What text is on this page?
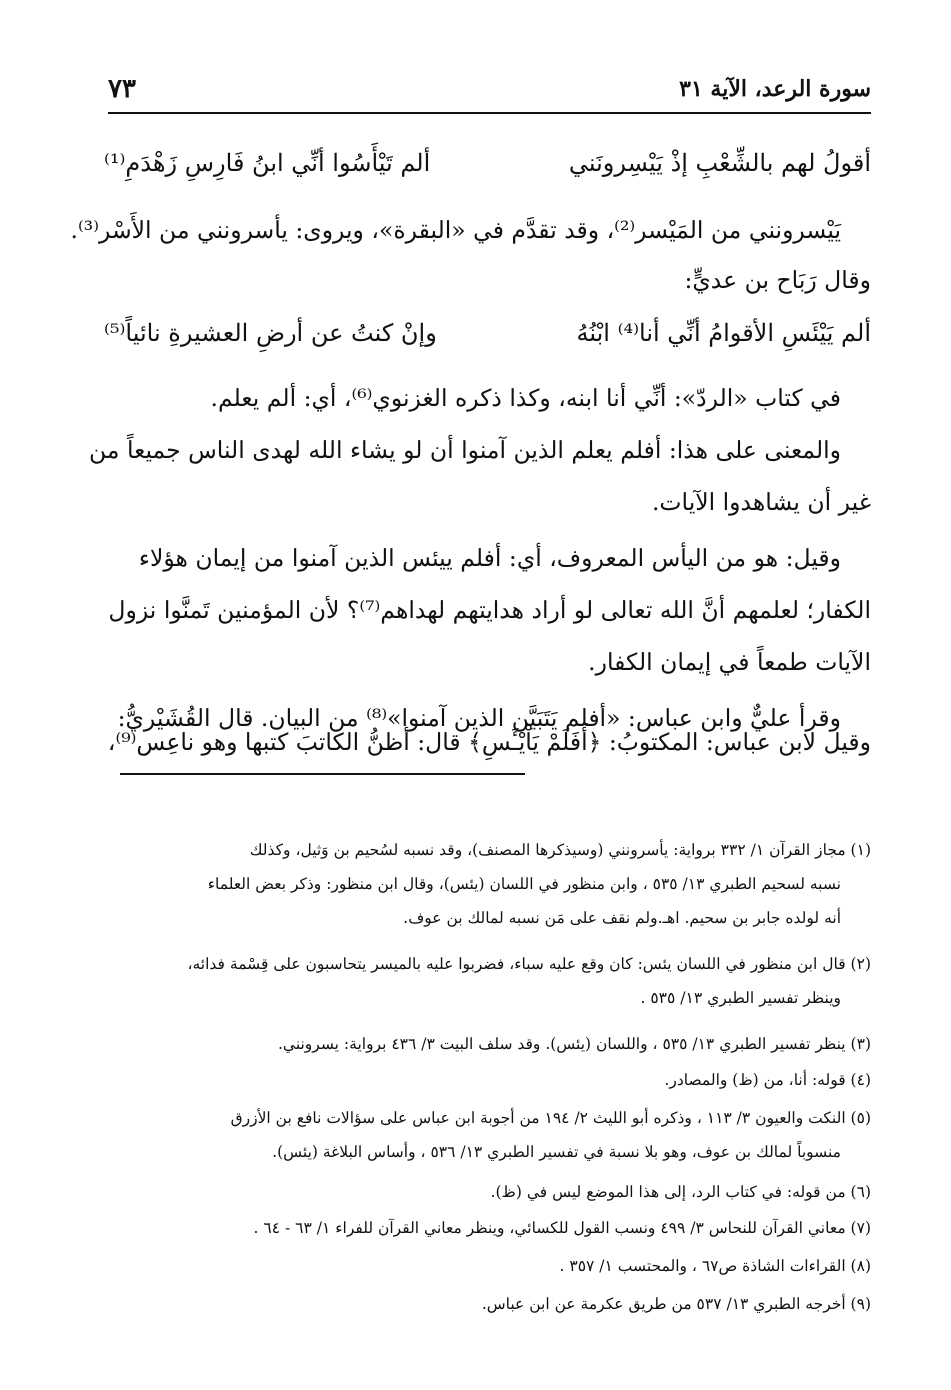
سورة الرعد، الآية ٣١
٧٣
أقولُ لهم بالشِّعْبِ إذْ يَيْسِرونَني
ألم تَيْأَسُوا أنِّي ابنُ فَارِسِ زَهْدَمِ⁽¹⁾
يَيْسرونني من المَيْسر⁽²⁾، وقد تقدَّم في «البقرة»، ويروى: يأسرونني من الأَسْر⁽³⁾.
وقال رَبَاح بن عديٍّ:
ألم يَيْئَسِ الأقوامُ أنِّي أنا⁽⁴⁾ ابْنُهُ
وإنْ كنتُ عن أرضِ العشيرةِ نائياً⁽⁵⁾
في كتاب «الردّ»: أنِّي أنا ابنه، وكذا ذكره الغزنوي⁽⁶⁾، أي: ألم يعلم.
والمعنى على هذا: أفلم يعلم الذين آمنوا أن لو يشاء الله لهدى الناس جميعاً من
غير أن يشاهدوا الآيات.
وقيل: هو من اليأس المعروف، أي: أفلم ييئس الذين آمنوا من إيمان هؤلاء
الكفار؛ لعلمهم أنَّ الله تعالى لو أراد هدايتهم لهداهم⁽⁷⁾؟ لأن المؤمنين تَمنَّوا نزول
الآيات طمعاً في إيمان الكفار.
وقرأ عليٌّ وابن عباس: «أفلم يَتَبَيَّن الذين آمنوا»⁽⁸⁾ من البيان. قال القُشَيْريُّ:
وقيل لابن عباس: المكتوبُ: ﴿أَفَلَمْ يَاْيْـَٔسِ﴾ قال: أظنُّ الكاتبَ كتبها وهو ناعِس⁽⁹⁾،
(١) مجاز القرآن ١/ ٣٣٢ برواية: يأسرونني (وسيذكرها المصنف)، وقد نسبه لسُحيم بن وَثيل، وكذلك
نسبه لسحيم الطبري ١٣/ ٥٣٥ ، وابن منظور في اللسان (يئس)، وقال ابن منظور: وذكر بعض العلماء
أنه لولده جابر بن سحيم. اهـ.ولم نقف على مَن نسبه لمالك بن عوف.
(٢) قال ابن منظور في اللسان يئس: كان وقع عليه سباء، فضربوا عليه بالميسر يتحاسبون على قِسْمة فدائه،
وينظر تفسير الطبري ١٣/ ٥٣٥ .
(٣) ينظر تفسير الطبري ١٣/ ٥٣٥ ، واللسان (يئس). وقد سلف البيت ٣/ ٤٣٦ برواية: يسرونني.
(٤) قوله: أنا، من (ظ) والمصادر.
(٥) النكت والعيون ٣/ ١١٣ ، وذكره أبو الليث ٢/ ١٩٤ من أجوبة ابن عباس على سؤالات نافع بن الأزرق
منسوباً لمالك بن عوف، وهو بلا نسبة في تفسير الطبري ١٣/ ٥٣٦ ، وأساس البلاغة (يئس).
(٦) من قوله: في كتاب الرد، إلى هذا الموضع ليس في (ظ).
(٧) معاني القرآن للنحاس ٣/ ٤٩٩ ونسب القول للكسائي، وينظر معاني القرآن للفراء ١/ ٦٣ - ٦٤ .
(٨) القراءات الشاذة ص٦٧ ، والمحتسب ١/ ٣٥٧ .
(٩) أخرجه الطبري ١٣/ ٥٣٧ من طريق عكرمة عن ابن عباس.
